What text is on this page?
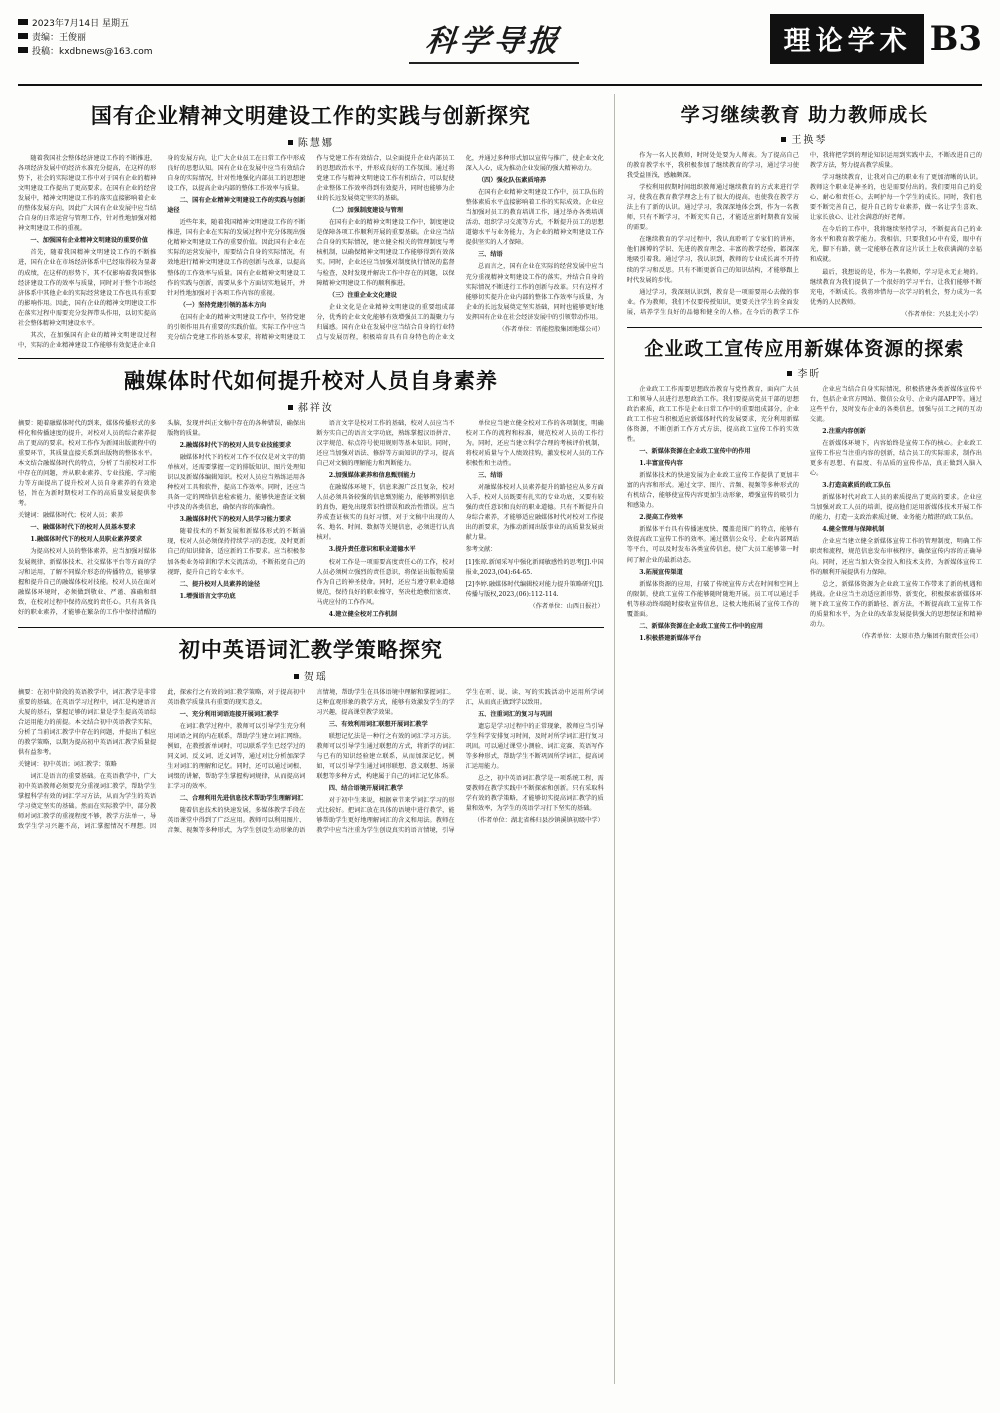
2023年7月14日 星期五
责编：王俊丽
投稿：kxdbnews@163.com	科学导报	理论学术 B3
国有企业精神文明建设工作的实践与创新探究
陈慧娜

随着我国社会整体经济建设工作的不断推进，各项经济发展中的经济水准充分提高，在这样的形势下，社会的实际建设工作中对于国有企业的精神文明建设工作提出了更高要求。在国有企业的经营发展中，精神文明建设工作的落实直接影响着企业的整体发展方向，因此广大国有企业发展中应当结合自身的日常运营与管理工作，针对性地加强对精神文明建设工作的重视。

一、加强国有企业精神文明建设的重要价值

首先，随着我国精神文明建设工作的不断推进，国有企业在市场经济体系中已经取得较为显著的成绩，在这样的形势下，其不仅影响着我国整体经济建设工作的效率与质量，同时对于整个市场经济体系中其他企业的实际经营建设工作也具有重要的影响作用。因此，国有企业的精神文明建设工作在落实过程中需要充分发挥带头作用，以切实提高社会整体精神文明建设水平。

其次，在加强国有企业的精神文明建设过程中，实际的企业精神建设工作能够有效促进企业自身的发展方向，让广大企业员工在日常工作中形成良好的思想认知。国有企业在发展中应当有效结合自身的实际情况，针对性地强化内部员工的思想建设工作，以提高企业内部的整体工作效率与质量。

二、国有企业精神文明建设工作的实践与创新途径

近些年来，随着我国精神文明建设工作的不断推进，国有企业在实际的发展过程中充分体现出强化精神文明建设工作的重要价值。因此国有企业在实际的运营发展中，需要结合自身的实际情况，有效地进行精神文明建设工作的创新与改革，以提高整体的工作效率与质量。国有企业精神文明建设工作的实践与创新，需要从多个方面切实地展开，并针对性地加强对于各项工作内容的重视。

（一）坚持党建引领的基本方向

在国有企业的精神文明建设工作中，坚持党建的引领作用具有重要的实践价值。实际工作中应当充分结合党建工作的基本要求，将精神文明建设工作与党建工作有效结合，以全面提升企业内部员工的思想政治水平，并形成良好的工作氛围。通过将党建工作与精神文明建设工作有机结合，可以促使企业整体工作效率得到有效提升，同时也能够为企业的长远发展奠定坚实的基础。

（二）加强制度建设与管理

在国有企业的精神文明建设工作中，制度建设是保障各项工作顺利开展的重要基础。企业应当结合自身的实际情况，建立健全相关的管理制度与考核机制，以确保精神文明建设工作能够得到有效落实。同时，企业还应当加强对制度执行情况的监督与检查，及时发现并解决工作中存在的问题，以保障精神文明建设工作的顺利推进。

（三）注重企业文化建设

企业文化是企业精神文明建设的重要组成部分，优秀的企业文化能够有效增强员工的凝聚力与归属感。国有企业在发展中应当结合自身的行业特点与发展历程，积极培育具有自身特色的企业文化，并通过多种形式加以宣传与推广，使企业文化深入人心，成为推动企业发展的强大精神动力。

（四）强化队伍素质培养

在国有企业精神文明建设工作中，员工队伍的整体素质水平直接影响着工作的实际成效。企业应当加强对员工的教育培训工作，通过举办各类培训活动、组织学习交流等方式，不断提升员工的思想道德水平与业务能力，为企业的精神文明建设工作提供坚实的人才保障。

三、结语

总而言之，国有企业在实际的经营发展中应当充分重视精神文明建设工作的落实，并结合自身的实际情况不断进行工作的创新与改革。只有这样才能够切实提升企业内部的整体工作效率与质量，为企业的长远发展奠定坚实基础，同时也能够更好地发挥国有企业在社会经济发展中的引领带动作用。

（作者单位：晋能控股集团地煤公司）

融媒体时代如何提升校对人员自身素养
郝祥汝

摘要：随着融媒体时代的到来，媒体传播形式的多样化和传播速度的提升，对校对人员的综合素养提出了更高的要求。校对工作作为新闻出版流程中的重要环节，其质量直接关系到出版物的整体水平。本文结合融媒体时代的特点，分析了当前校对工作中存在的问题，并从职业素养、专业技能、学习能力等方面提出了提升校对人员自身素养的有效途径，旨在为新时期校对工作的高质量发展提供参考。

关键词：融媒体时代；校对人员；素养

一、融媒体时代下的校对人员基本要求

1.融媒体时代下的校对人员职业素养要求

为提高校对人员的整体素养，应当加强对媒体发展规律、新媒体技术、社交媒体平台等方面的学习和运用，了解不同媒介形态的传播特点，能够掌握和提升自己的融媒体校对技能。校对人员在面对融媒体环境时，必须做到敬业、严谨、准确和细致，在校对过程中保持高度的责任心。只有具备良好的职业素养，才能够在繁杂的工作中保持清醒的头脑，发现并纠正文稿中存在的各种错误，确保出版物的质量。

2.融媒体时代下的校对人员专业技能要求

融媒体时代下的校对工作不仅仅是对文字的简单核对，还需要掌握一定的排版知识、图片处理知识以及新媒体编辑知识。校对人员应当熟练运用各种校对工具和软件，提高工作效率。同时，还应当具备一定的网络信息检索能力，能够快速查证文稿中涉及的各类信息，确保内容的准确性。

3.融媒体时代下的校对人员学习能力要求

随着技术的不断发展和新媒体形式的不断涌现，校对人员必须保持持续学习的态度，及时更新自己的知识储备，适应新的工作要求。应当积极参加各类业务培训和学术交流活动，不断拓宽自己的视野，提升自己的专业水平。

二、提升校对人员素养的途径

1.增强语言文字功底

语言文字是校对工作的基础，校对人员应当不断夯实自己的语言文字功底，熟练掌握汉语拼音、汉字规范、标点符号使用规则等基本知识。同时，还应当加强对语法、修辞等方面知识的学习，提高自己对文稿的理解能力和判断能力。

2.加强媒体素养和信息甄别能力

在融媒体环境下，信息来源广泛且复杂，校对人员必须具备较强的信息甄别能力，能够辨别信息的真伪，避免出现常识性错误和政治性错误。应当养成查证核实的良好习惯，对于文稿中出现的人名、地名、时间、数据等关键信息，必须进行认真核对。

3.提升责任意识和职业道德水平

校对工作是一项需要高度责任心的工作，校对人员必须树立强烈的责任意识，将保证出版物质量作为自己的神圣使命。同时，还应当遵守职业道德规范，保持良好的职业操守，坚决杜绝敷衍塞责、马虎应付的工作作风。

4.建立健全校对工作机制

单位应当建立健全校对工作的各项制度，明确校对工作的流程和标准，规范校对人员的工作行为。同时，还应当建立科学合理的考核评价机制，将校对质量与个人绩效挂钩，激发校对人员的工作积极性和主动性。

三、结语

对融媒体校对人员素养提升的路径应从多方面入手，校对人员既要有扎实的专业功底，又要有较强的责任意识和良好的职业道德。只有不断提升自身综合素养，才能够适应融媒体时代对校对工作提出的新要求，为推动新闻出版事业的高质量发展贡献力量。

参考文献：

[1]张琼.新闻采写中强化新闻敏感性的思考[J].中国报业,2023,(04):64-65.

[2]李婷.融媒体时代编辑校对能力提升策略研究[J].传播与版权,2023,(06):112-114.

（作者单位：山西日报社）

初中英语词汇教学策略探究
贺瑶

摘要：在初中阶段的英语教学中，词汇教学是非常重要的基础。在英语学习过程中，词汇是构建语言大厦的基石，掌握足够的词汇量是学生提高英语综合运用能力的前提。本文结合初中英语教学实际，分析了当前词汇教学中存在的问题，并提出了相应的教学策略，以期为提高初中英语词汇教学质量提供有益参考。

关键词：初中英语；词汇教学；策略

词汇是语言的重要基础。在英语教学中，广大初中英语教师必须要充分重视词汇教学，帮助学生掌握科学有效的词汇学习方法，从而为学生的英语学习奠定坚实的基础。然而在实际教学中，部分教师对词汇教学的重视程度不够，教学方法单一，导致学生学习兴趣不高，词汇掌握情况不理想。因此，探索行之有效的词汇教学策略，对于提高初中英语教学质量具有重要的现实意义。

一、充分利用词语连接开展词汇教学

在词汇教学过程中，教师可以引导学生充分利用词语之间的内在联系，帮助学生建立词汇网络。例如，在教授新单词时，可以联系学生已经学过的同义词、反义词、近义词等，通过对比分析加深学生对词汇的理解和记忆。同时，还可以通过词根、词缀的讲解，帮助学生掌握构词规律，从而提高词汇学习的效率。

二、合理利用先进信息技术帮助学生理解词汇

随着信息技术的快速发展，多媒体教学手段在英语课堂中得到了广泛应用。教师可以利用图片、音频、视频等多种形式，为学生创设生动形象的语言情境，帮助学生在具体语境中理解和掌握词汇。这种直观形象的教学方式，能够有效激发学生的学习兴趣，提高课堂教学效果。

三、有效利用词汇联想开展词汇教学

联想记忆法是一种行之有效的词汇学习方法。教师可以引导学生通过联想的方式，将新学的词汇与已有的知识经验建立联系，从而加深记忆。例如，可以引导学生通过词形联想、意义联想、场景联想等多种方式，构建属于自己的词汇记忆体系。

四、结合语境开展词汇教学

对于初中生来说，根据章节来学词汇学习的形式比较好。把词汇放在具体的语境中进行教学，能够帮助学生更好地理解词汇的含义和用法。教师在教学中应当注重为学生创设真实的语言情境，引导学生在听、说、读、写的实践活动中运用所学词汇，从而真正做到学以致用。

五、注重词汇的复习与巩固

遗忘是学习过程中的正常现象，教师应当引导学生科学安排复习时间，及时对所学词汇进行复习巩固。可以通过课堂小测验、词汇竞赛、英语写作等多种形式，帮助学生不断巩固所学词汇，提高词汇运用能力。

总之，初中英语词汇教学是一项系统工程，需要教师在教学实践中不断探索和创新。只有采取科学有效的教学策略，才能够切实提高词汇教学的质量和效率，为学生的英语学习打下坚实的基础。

（作者单位：湖北省秭归县沙镇溪镇初级中学）

学习继续教育 助力教师成长
王换琴

作为一名人民教师，时时处处要为人师表。为了提高自己的教育教学水平，我积极参加了继续教育的学习，通过学习使我受益匪浅，感触颇深。

学校利用假期时间组织教师通过继续教育的方式来进行学习，使我在教育教学理念上有了很大的提高，也使我在教学方法上有了新的认识。通过学习，我深深地体会到，作为一名教师，只有不断学习，不断充实自己，才能适应新时期教育发展的需要。

在继续教育的学习过程中，我认真聆听了专家们的讲座，他们渊博的学识、先进的教育理念、丰富的教学经验，都深深地吸引着我。通过学习，我认识到，教师的专业成长离不开持续的学习和反思。只有不断更新自己的知识结构，才能够跟上时代发展的步伐。

通过学习，我深刻认识到，教育是一项需要用心去做的事业。作为教师，我们不仅要传授知识，更要关注学生的全面发展，培养学生良好的品德和健全的人格。在今后的教学工作中，我将把学到的理论知识运用到实践中去，不断改进自己的教学方法，努力提高教学质量。

学习继续教育，让我对自己的职业有了更加清晰的认识。教师这个职业是神圣的，也是需要付出的。我们要用自己的爱心、耐心和责任心，去呵护每一个学生的成长。同时，我们也要不断完善自己，提升自己的专业素养，做一名让学生喜欢、让家长放心、让社会满意的好老师。

在今后的工作中，我将继续坚持学习，不断提高自己的业务水平和教育教学能力。我相信，只要我们心中有爱，眼中有光，脚下有路，就一定能够在教育这片沃土上收获满满的幸福和成就。

最后，我想说的是，作为一名教师，学习是永无止境的。继续教育为我们提供了一个很好的学习平台，让我们能够不断充电，不断成长。我将珍惜每一次学习的机会，努力成为一名优秀的人民教师。

（作者单位：兴县北关小学）

企业政工宣传应用新媒体资源的探索
李昕

企业政工工作需要思想政治教育与党性教育，面向广大员工和领导人员进行思想政治工作。我们要提高党员干部的思想政治素质，政工工作是企业日常工作中的重要组成部分，企业政工工作应当积极适应新媒体时代的发展要求，充分利用新媒体资源，不断创新工作方式方法，提高政工宣传工作的实效性。

一、新媒体资源在企业政工宣传中的作用

1.丰富宣传内容

新媒体技术的快速发展为企业政工宣传工作提供了更加丰富的内容和形式。通过文字、图片、音频、视频等多种形式的有机结合，能够使宣传内容更加生动形象，增强宣传的吸引力和感染力。

2.提高工作效率

新媒体平台具有传播速度快、覆盖范围广的特点，能够有效提高政工宣传工作的效率。通过微信公众号、企业内部网站等平台，可以及时发布各类宣传信息，使广大员工能够第一时间了解企业的最新动态。

3.拓展宣传渠道

新媒体资源的应用，打破了传统宣传方式在时间和空间上的限制，使政工宣传工作能够随时随地开展。员工可以通过手机等移动终端随时接收宣传信息，这极大地拓展了宣传工作的覆盖面。

二、新媒体资源在企业政工宣传工作中的应用

1.积极搭建新媒体平台

企业应当结合自身实际情况，积极搭建各类新媒体宣传平台，包括企业官方网站、微信公众号、企业内部APP等。通过这些平台，及时发布企业的各类信息，加强与员工之间的互动交流。

2.注重内容创新

在新媒体环境下，内容始终是宣传工作的核心。企业政工宣传工作应当注重内容的创新，结合员工的实际需求，制作出更多有思想、有温度、有品质的宣传作品，真正做到入脑入心。

3.打造高素质的政工队伍

新媒体时代对政工人员的素质提出了更高的要求。企业应当加强对政工人员的培训，提高他们运用新媒体技术开展工作的能力，打造一支政治素质过硬、业务能力精湛的政工队伍。

4.健全管理与保障机制

企业应当建立健全新媒体宣传工作的管理制度，明确工作职责和流程，规范信息发布审核程序，确保宣传内容的正确导向。同时，还应当加大资金投入和技术支持，为新媒体宣传工作的顺利开展提供有力保障。

总之，新媒体资源为企业政工宣传工作带来了新的机遇和挑战。企业应当主动适应新形势、新变化，积极探索新媒体环境下政工宣传工作的新路径、新方法，不断提高政工宣传工作的质量和水平，为企业的改革发展提供强大的思想保证和精神动力。

（作者单位：太原市热力集团有限责任公司）
